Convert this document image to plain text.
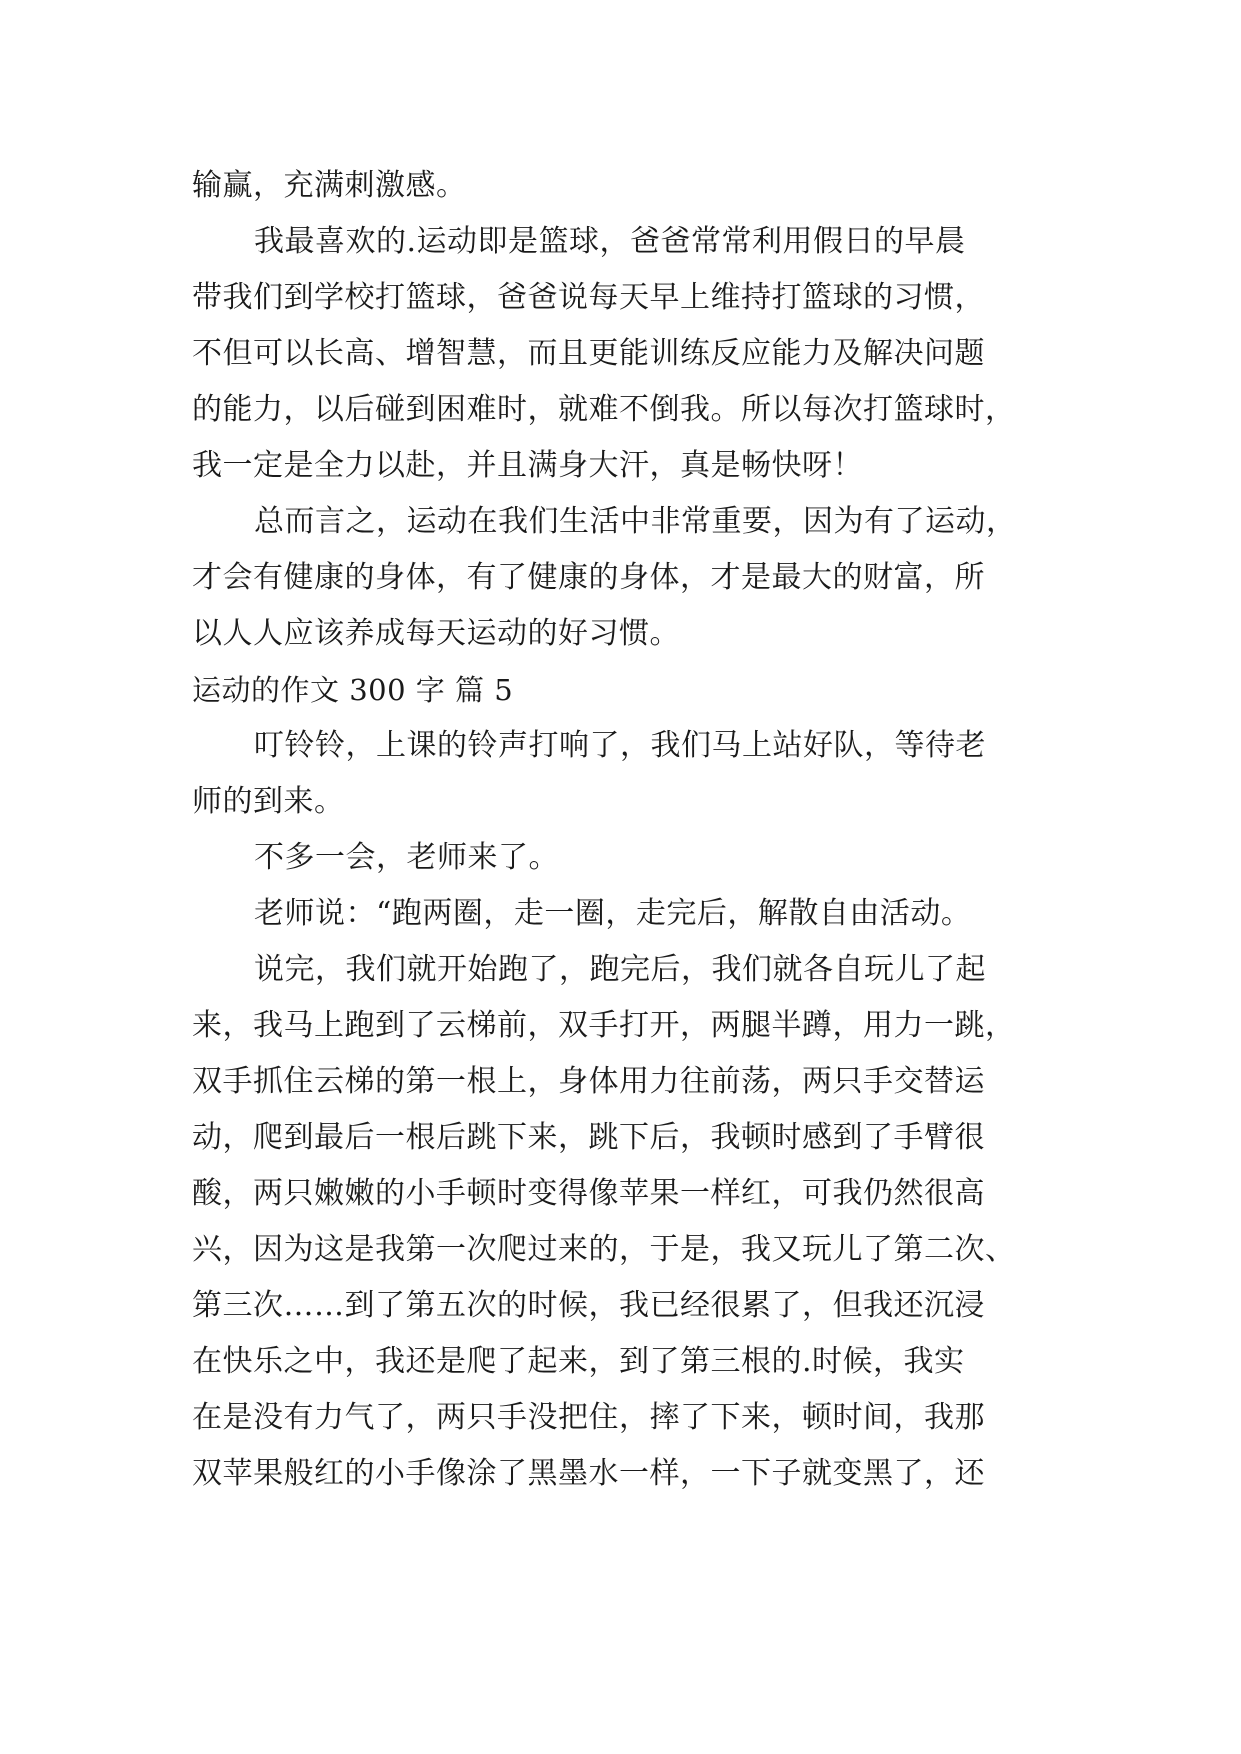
输赢，充满刺激感。
我最喜欢的.运动即是篮球，爸爸常常利用假日的早晨
带我们到学校打篮球，爸爸说每天早上维持打篮球的习惯，
不但可以长高、增智慧，而且更能训练反应能力及解决问题
的能力，以后碰到困难时，就难不倒我。所以每次打篮球时，
我一定是全力以赴，并且满身大汗，真是畅快呀！
总而言之，运动在我们生活中非常重要，因为有了运动，
才会有健康的身体，有了健康的身体，才是最大的财富，所
以人人应该养成每天运动的好习惯。
运动的作文 300 字 篇 5
叮铃铃，上课的铃声打响了，我们马上站好队，等待老
师的到来。
不多一会，老师来了。
老师说：“跑两圈，走一圈，走完后，解散自由活动。
说完，我们就开始跑了，跑完后，我们就各自玩儿了起
来，我马上跑到了云梯前，双手打开，两腿半蹲，用力一跳，
双手抓住云梯的第一根上，身体用力往前荡，两只手交替运
动，爬到最后一根后跳下来，跳下后，我顿时感到了手臂很
酸，两只嫩嫩的小手顿时变得像苹果一样红，可我仍然很高
兴，因为这是我第一次爬过来的，于是，我又玩儿了第二次、
第三次……到了第五次的时候，我已经很累了，但我还沉浸
在快乐之中，我还是爬了起来，到了第三根的.时候，我实
在是没有力气了，两只手没把住，摔了下来，顿时间，我那
双苹果般红的小手像涂了黑墨水一样，一下子就变黑了，还
